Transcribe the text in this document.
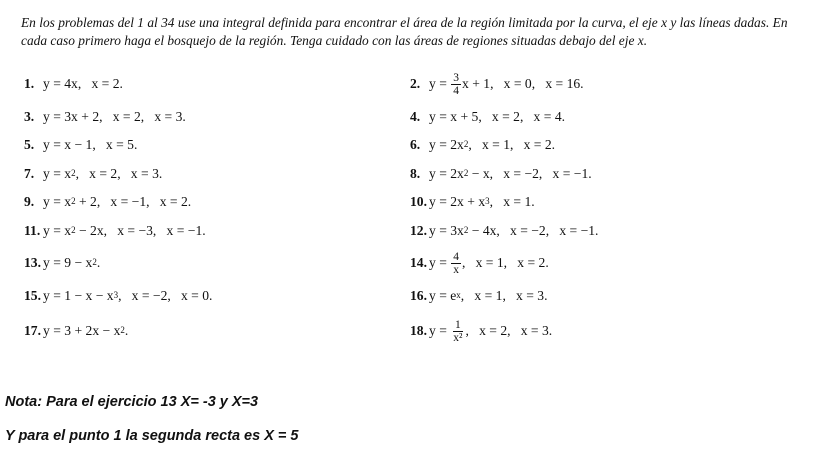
En los problemas del 1 al 34 use una integral definida para encontrar el área de la región limitada por la curva, el eje x y las líneas dadas. En cada caso primero haga el bosquejo de la región. Tenga cuidado con las áreas de regiones situadas debajo del eje x.

1. y = 4x,   x = 2.
3. y = 3x + 2,   x = 2,   x = 3.
5. y = x − 1,   x = 5.
7. $y = x^2$ ,   x = 2,   x = 3.
9. $y = x^2 + 2$,   x = −1,   x = 2.
11. $y = x^2 - 2x$,   x = −3,   x = −1.
13. $y = 9 - x^2$ .
15. $y = 1 - x - x^3$ ,   x = −2,   x = 0.
17. $y = 3 + 2x - x^2$ .
2. $y = \frac{3}{4}$ x + 1,   x = 0,   x = 16.
4. y = x + 5,   x = 2,   x = 4.
6. $y = 2x^2$ ,   x = 1,   x = 2.
8. $y = 2x^2 - x$,   x = −2,   x = −1.
10. $y = 2x + x^3$ ,   x = 1.
12. $y = 3x^2 - 4x$,   x = −2,   x = −1.
14. $y = \frac{4}{x}$ ,   x = 1,   x = 2.
16. $y = e^x$ ,   x = 1,   x = 3.
18. $y = \frac{1}{\text{x²}}$ ,   x = 2,   x = 3.

Nota: Para el ejercicio 13 X= -3 y X=3

Y para el punto 1 la segunda recta es X = 5
